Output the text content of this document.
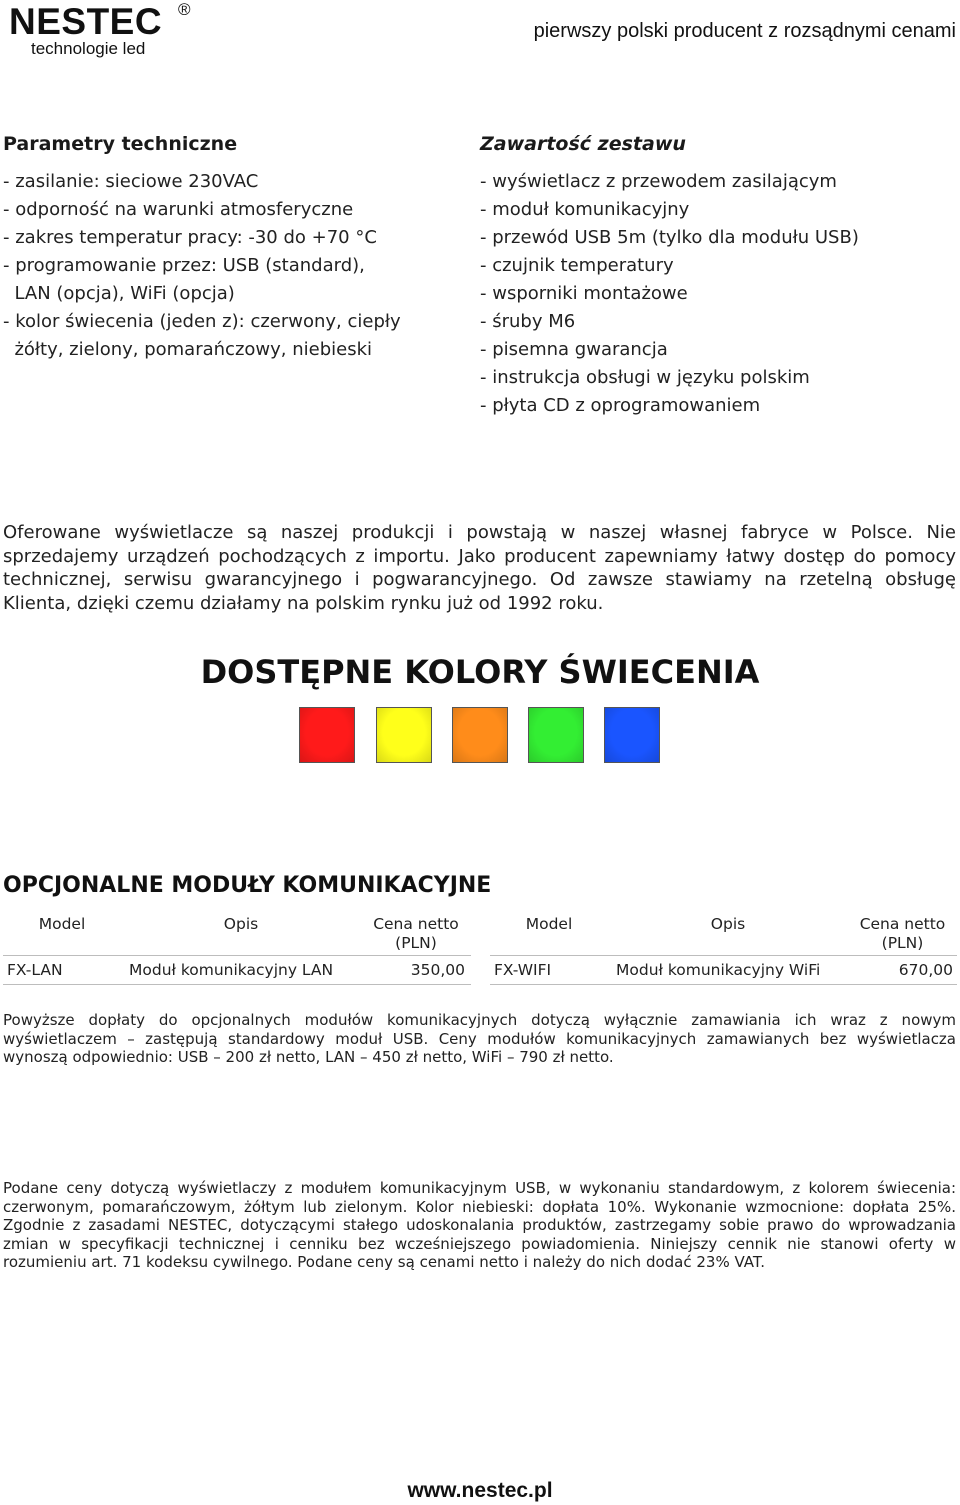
NESTEC ®
technologie led
pierwszy polski producent z rozsądnymi cenami
Parametry techniczne
- zasilanie: sieciowe 230VAC
- odporność na warunki atmosferyczne
- zakres temperatur pracy: -30 do +70 °C
- programowanie przez: USB (standard),
LAN (opcja), WiFi (opcja)
- kolor świecenia (jeden z): czerwony, ciepły
żółty, zielony, pomarańczowy, niebieski
Zawartość zestawu
- wyświetlacz z przewodem zasilającym
- moduł komunikacyjny
- przewód USB 5m (tylko dla modułu USB)
- czujnik temperatury
- wsporniki montażowe
- śruby M6
- pisemna gwarancja
- instrukcja obsługi w języku polskim
- płyta CD z oprogramowaniem
Oferowane wyświetlacze są naszej produkcji i powstają w naszej własnej fabryce w Polsce. Nie sprzedajemy urządzeń pochodzących z importu. Jako producent zapewniamy łatwy dostęp do pomocy technicznej, serwisu gwarancyjnego i pogwarancyjnego. Od zawsze stawiamy na rzetelną obsługę Klienta, dzięki czemu działamy na polskim rynku już od 1992 roku.
DOSTĘPNE KOLORY ŚWIECENIA
OPCJONALNE MODUŁY KOMUNIKACYJNE
Model	Opis	Cena netto (PLN)

FX-LAN	Moduł komunikacyjny LAN	350,00
Model	Opis	Cena netto (PLN)

FX-WIFI	Moduł komunikacyjny WiFi	670,00
Powyższe dopłaty do opcjonalnych modułów komunikacyjnych dotyczą wyłącznie zamawiania ich wraz z nowym wyświetlaczem – zastępują standardowy moduł USB. Ceny modułów komunikacyjnych zamawianych bez wyświetlacza wynoszą odpowiednio: USB – 200 zł netto, LAN – 450 zł netto, WiFi – 790 zł netto.
Podane ceny dotyczą wyświetlaczy z modułem komunikacyjnym USB, w wykonaniu standardowym, z kolorem świecenia: czerwonym, pomarańczowym, żółtym lub zielonym. Kolor niebieski: dopłata 10%. Wykonanie wzmocnione: dopłata 25%. Zgodnie z zasadami NESTEC, dotyczącymi stałego udoskonalania produktów, zastrzegamy sobie prawo do wprowadzania zmian w specyfikacji technicznej i cenniku bez wcześniejszego powiadomienia. Niniejszy cennik nie stanowi oferty w rozumieniu art. 71 kodeksu cywilnego. Podane ceny są cenami netto i należy do nich dodać 23% VAT.
www.nestec.pl
